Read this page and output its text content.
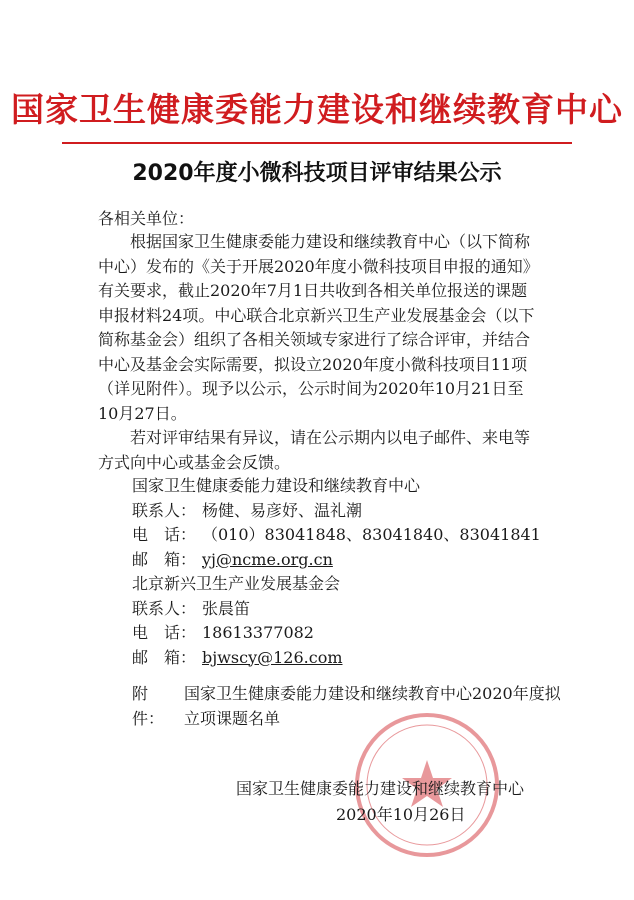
国家卫生健康委能力建设和继续教育中心
2020年度小微科技项目评审结果公示
各相关单位：
根据国家卫生健康委能力建设和继续教育中心（以下简称中心）发布的《关于开展2020年度小微科技项目申报的通知》有关要求，截止2020年7月1日共收到各相关单位报送的课题申报材料24项。中心联合北京新兴卫生产业发展基金会（以下简称基金会）组织了各相关领域专家进行了综合评审，并结合中心及基金会实际需要，拟设立2020年度小微科技项目11项（详见附件）。现予以公示，公示时间为2020年10月21日至10月27日。
若对评审结果有异议，请在公示期内以电子邮件、来电等方式向中心或基金会反馈。
国家卫生健康委能力建设和继续教育中心
联系人： 杨健、易彦妤、温礼潮
电　话： （010）83041848、83041840、83041841
邮　箱： yj@ncme.org.cn
北京新兴卫生产业发展基金会
联系人： 张晨笛
电　话： 18613377082
邮　箱： bjwscy@126.com
附件：
国家卫生健康委能力建设和继续教育中心2020年度拟立项课题名单
国家卫生健康委能力建设和继续教育中心
2020年10月26日
